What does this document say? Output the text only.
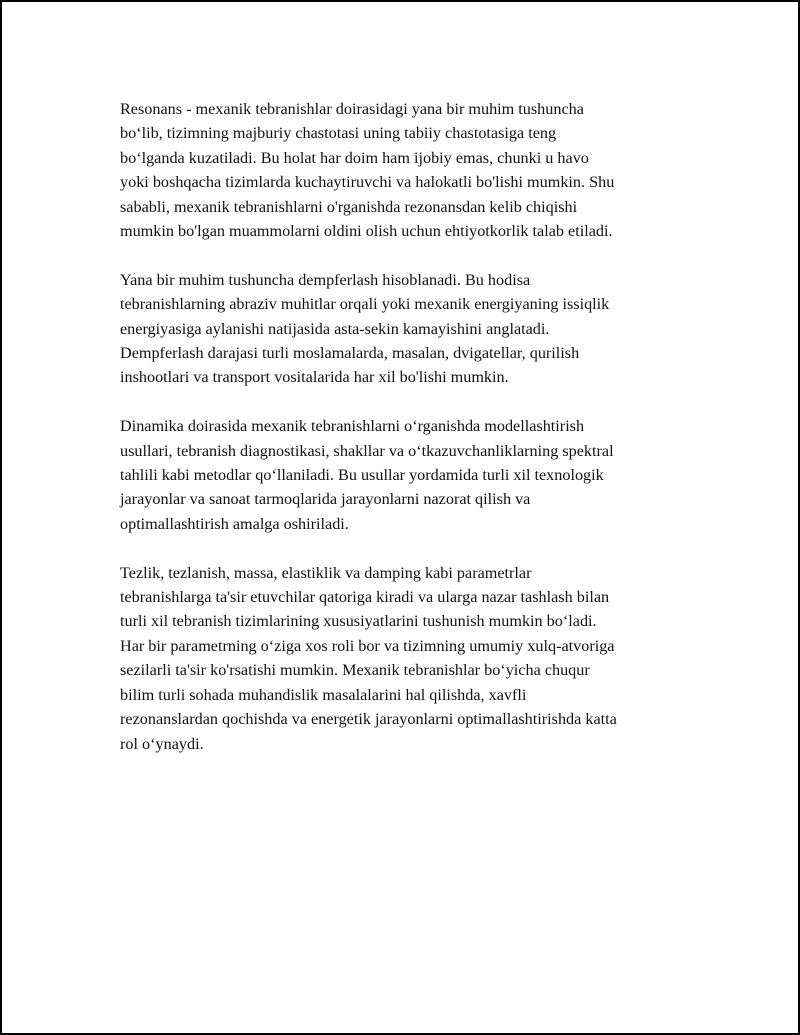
Resonans - mexanik tebranishlar doirasidagi yana bir muhim tushuncha
bo‘lib, tizimning majburiy chastotasi uning tabiiy chastotasiga teng
bo‘lganda kuzatiladi. Bu holat har doim ham ijobiy emas, chunki u havo
yoki boshqacha tizimlarda kuchaytiruvchi va halokatli bo'lishi mumkin. Shu
sababli, mexanik tebranishlarni o'rganishda rezonansdan kelib chiqishi
mumkin bo'lgan muammolarni oldini olish uchun ehtiyotkorlik talab etiladi.

Yana bir muhim tushuncha dempferlash hisoblanadi. Bu hodisa
tebranishlarning abraziv muhitlar orqali yoki mexanik energiyaning issiqlik
energiyasiga aylanishi natijasida asta-sekin kamayishini anglatadi.
Dempferlash darajasi turli moslamalarda, masalan, dvigatellar, qurilish
inshootlari va transport vositalarida har xil bo'lishi mumkin.

Dinamika doirasida mexanik tebranishlarni o‘rganishda modellashtirish
usullari, tebranish diagnostikasi, shakllar va o‘tkazuvchanliklarning spektral
tahlili kabi metodlar qo‘llaniladi. Bu usullar yordamida turli xil texnologik
jarayonlar va sanoat tarmoqlarida jarayonlarni nazorat qilish va
optimallashtirish amalga oshiriladi.

Tezlik, tezlanish, massa, elastiklik va damping kabi parametrlar
tebranishlarga ta'sir etuvchilar qatoriga kiradi va ularga nazar tashlash bilan
turli xil tebranish tizimlarining xususiyatlarini tushunish mumkin bo‘ladi.
Har bir parametrning o‘ziga xos roli bor va tizimning umumiy xulq-atvoriga
sezilarli ta'sir ko'rsatishi mumkin. Mexanik tebranishlar bo‘yicha chuqur
bilim turli sohada muhandislik masalalarini hal qilishda, xavfli
rezonanslardan qochishda va energetik jarayonlarni optimallashtirishda katta
rol o‘ynaydi.
